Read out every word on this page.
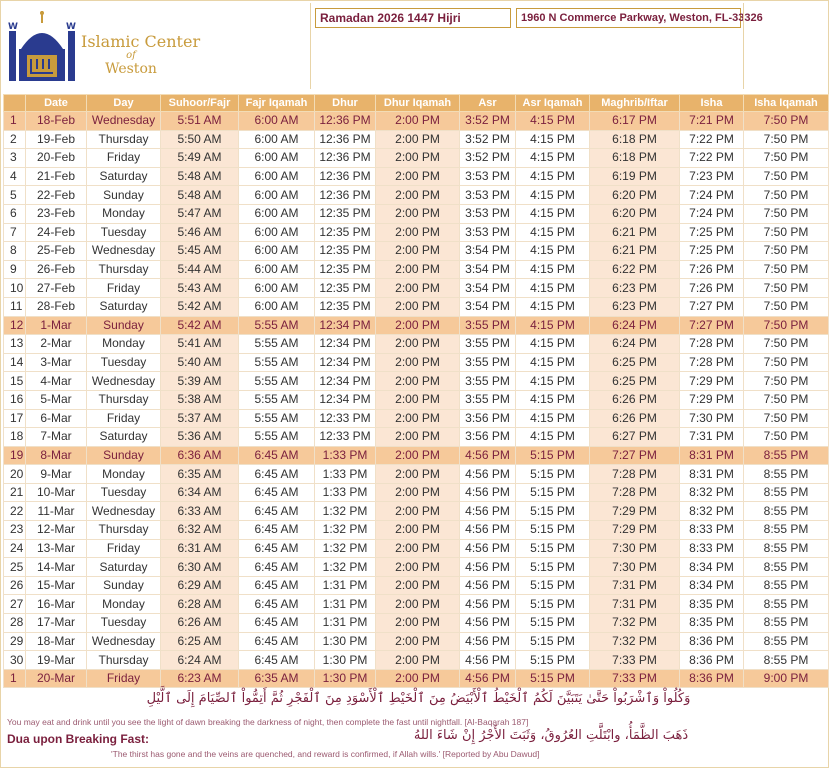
W	W
Islamic Center
of
Weston
Ramadan 2026 1447 Hijri	1960 N Commerce Parkway, Weston, FL-33326
	Date	Day	Suhoor/Fajr	Fajr Iqamah	Dhur	Dhur Iqamah	Asr	Asr Iqamah	Maghrib/Iftar	Isha	Isha Iqamah
1	18-Feb	Wednesday	5:51 AM	6:00 AM	12:36 PM	2:00 PM	3:52 PM	4:15 PM	6:17 PM	7:21 PM	7:50 PM
2	19-Feb	Thursday	5:50 AM	6:00 AM	12:36 PM	2:00 PM	3:52 PM	4:15 PM	6:18 PM	7:22 PM	7:50 PM
3	20-Feb	Friday	5:49 AM	6:00 AM	12:36 PM	2:00 PM	3:52 PM	4:15 PM	6:18 PM	7:22 PM	7:50 PM
4	21-Feb	Saturday	5:48 AM	6:00 AM	12:36 PM	2:00 PM	3:53 PM	4:15 PM	6:19 PM	7:23 PM	7:50 PM
5	22-Feb	Sunday	5:48 AM	6:00 AM	12:36 PM	2:00 PM	3:53 PM	4:15 PM	6:20 PM	7:24 PM	7:50 PM
6	23-Feb	Monday	5:47 AM	6:00 AM	12:35 PM	2:00 PM	3:53 PM	4:15 PM	6:20 PM	7:24 PM	7:50 PM
7	24-Feb	Tuesday	5:46 AM	6:00 AM	12:35 PM	2:00 PM	3:53 PM	4:15 PM	6:21 PM	7:25 PM	7:50 PM
8	25-Feb	Wednesday	5:45 AM	6:00 AM	12:35 PM	2:00 PM	3:54 PM	4:15 PM	6:21 PM	7:25 PM	7:50 PM
9	26-Feb	Thursday	5:44 AM	6:00 AM	12:35 PM	2:00 PM	3:54 PM	4:15 PM	6:22 PM	7:26 PM	7:50 PM
10	27-Feb	Friday	5:43 AM	6:00 AM	12:35 PM	2:00 PM	3:54 PM	4:15 PM	6:23 PM	7:26 PM	7:50 PM
11	28-Feb	Saturday	5:42 AM	6:00 AM	12:35 PM	2:00 PM	3:54 PM	4:15 PM	6:23 PM	7:27 PM	7:50 PM
12	1-Mar	Sunday	5:42 AM	5:55 AM	12:34 PM	2:00 PM	3:55 PM	4:15 PM	6:24 PM	7:27 PM	7:50 PM
13	2-Mar	Monday	5:41 AM	5:55 AM	12:34 PM	2:00 PM	3:55 PM	4:15 PM	6:24 PM	7:28 PM	7:50 PM
14	3-Mar	Tuesday	5:40 AM	5:55 AM	12:34 PM	2:00 PM	3:55 PM	4:15 PM	6:25 PM	7:28 PM	7:50 PM
15	4-Mar	Wednesday	5:39 AM	5:55 AM	12:34 PM	2:00 PM	3:55 PM	4:15 PM	6:25 PM	7:29 PM	7:50 PM
16	5-Mar	Thursday	5:38 AM	5:55 AM	12:34 PM	2:00 PM	3:55 PM	4:15 PM	6:26 PM	7:29 PM	7:50 PM
17	6-Mar	Friday	5:37 AM	5:55 AM	12:33 PM	2:00 PM	3:56 PM	4:15 PM	6:26 PM	7:30 PM	7:50 PM
18	7-Mar	Saturday	5:36 AM	5:55 AM	12:33 PM	2:00 PM	3:56 PM	4:15 PM	6:27 PM	7:31 PM	7:50 PM
19	8-Mar	Sunday	6:36 AM	6:45 AM	1:33 PM	2:00 PM	4:56 PM	5:15 PM	7:27 PM	8:31 PM	8:55 PM
20	9-Mar	Monday	6:35 AM	6:45 AM	1:33 PM	2:00 PM	4:56 PM	5:15 PM	7:28 PM	8:31 PM	8:55 PM
21	10-Mar	Tuesday	6:34 AM	6:45 AM	1:33 PM	2:00 PM	4:56 PM	5:15 PM	7:28 PM	8:32 PM	8:55 PM
22	11-Mar	Wednesday	6:33 AM	6:45 AM	1:32 PM	2:00 PM	4:56 PM	5:15 PM	7:29 PM	8:32 PM	8:55 PM
23	12-Mar	Thursday	6:32 AM	6:45 AM	1:32 PM	2:00 PM	4:56 PM	5:15 PM	7:29 PM	8:33 PM	8:55 PM
24	13-Mar	Friday	6:31 AM	6:45 AM	1:32 PM	2:00 PM	4:56 PM	5:15 PM	7:30 PM	8:33 PM	8:55 PM
25	14-Mar	Saturday	6:30 AM	6:45 AM	1:32 PM	2:00 PM	4:56 PM	5:15 PM	7:30 PM	8:34 PM	8:55 PM
26	15-Mar	Sunday	6:29 AM	6:45 AM	1:31 PM	2:00 PM	4:56 PM	5:15 PM	7:31 PM	8:34 PM	8:55 PM
27	16-Mar	Monday	6:28 AM	6:45 AM	1:31 PM	2:00 PM	4:56 PM	5:15 PM	7:31 PM	8:35 PM	8:55 PM
28	17-Mar	Tuesday	6:26 AM	6:45 AM	1:31 PM	2:00 PM	4:56 PM	5:15 PM	7:32 PM	8:35 PM	8:55 PM
29	18-Mar	Wednesday	6:25 AM	6:45 AM	1:30 PM	2:00 PM	4:56 PM	5:15 PM	7:32 PM	8:36 PM	8:55 PM
30	19-Mar	Thursday	6:24 AM	6:45 AM	1:30 PM	2:00 PM	4:56 PM	5:15 PM	7:33 PM	8:36 PM	8:55 PM
1	20-Mar	Friday	6:23 AM	6:35 AM	1:30 PM	2:00 PM	4:56 PM	5:15 PM	7:33 PM	8:36 PM	9:00 PM
وَكُلُواْ وَٱشْرَبُواْ حَتَّىٰ يَتَبَيَّنَ لَكُمُ ٱلْخَيْطُ ٱلْأَبْيَضُ مِنَ ٱلْخَيْطِ ٱلْأَسْوَدِ مِنَ ٱلْفَجْرِ ثُمَّ أَتِمُّواْ ٱلصِّيَامَ إِلَى ٱلَّيْلِ
You may eat and drink until you see the light of dawn breaking the darkness of night, then complete the fast until nightfall. [Al-Baqarah 187]
Dua upon Breaking Fast:	ذَهَبَ الظَّمَأُ، وابْتَلَّتِ العُرُوقُ، وَثَبَتَ الأَجْرُ إِنْ شَاءَ اللهُ
'The thirst has gone and the veins are quenched, and reward is confirmed, if Allah wills.' [Reported by Abu Dawud]
